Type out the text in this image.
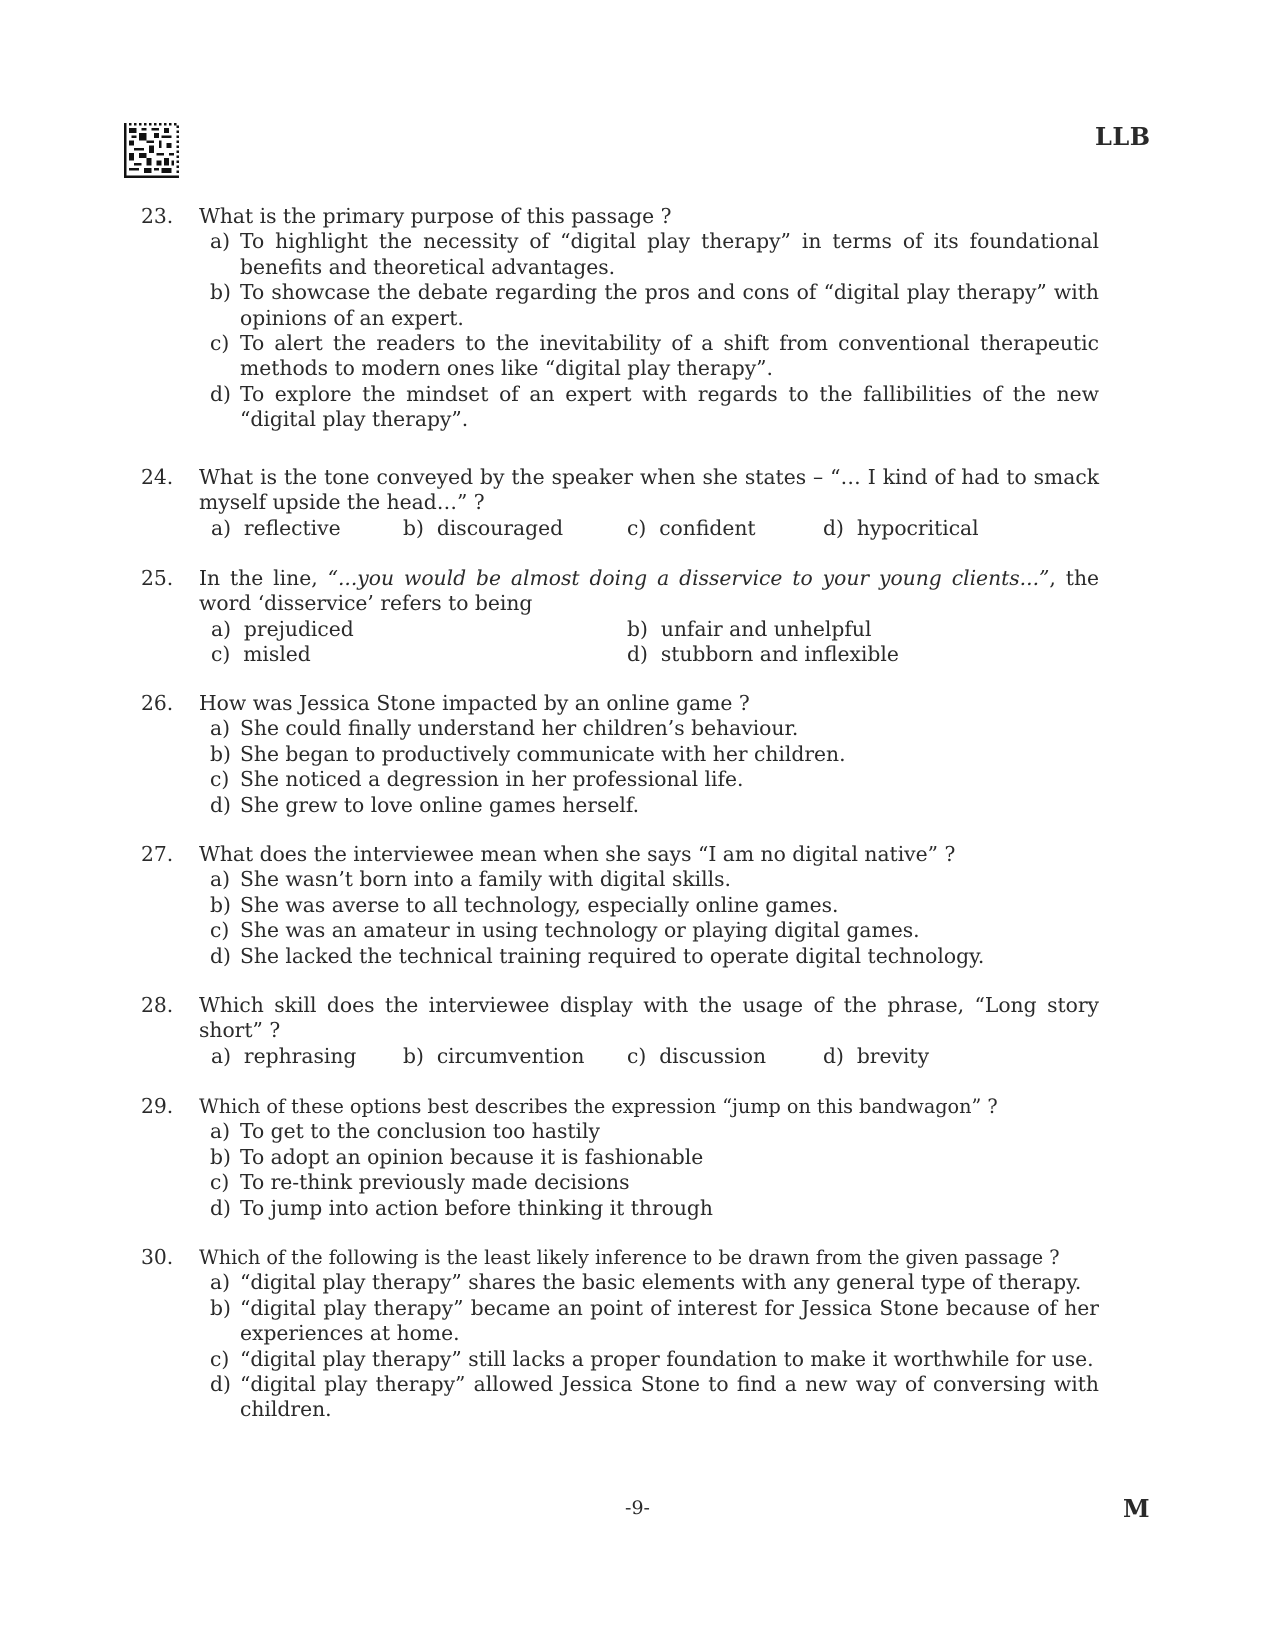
LLB
23. What is the primary purpose of this passage ?
a) To highlight the necessity of “digital play therapy” in terms of its foundational benefits and theoretical advantages.
b) To showcase the debate regarding the pros and cons of “digital play therapy” with opinions of an expert.
c) To alert the readers to the inevitability of a shift from conventional therapeutic methods to modern ones like “digital play therapy”.
d) To explore the mindset of an expert with regards to the fallibilities of the new “digital play therapy”.
24. What is the tone conveyed by the speaker when she states – “… I kind of had to smack myself upside the head…” ?
a) reflective	b) discouraged	c) confident	d) hypocritical
25. In the line, “...you would be almost doing a disservice to your young clients...”, the word ‘disservice’ refers to being
a) prejudiced	b) unfair and unhelpful
c) misled	d) stubborn and inflexible
26. How was Jessica Stone impacted by an online game ?
a) She could finally understand her children’s behaviour.
b) She began to productively communicate with her children.
c) She noticed a degression in her professional life.
d) She grew to love online games herself.
27. What does the interviewee mean when she says “I am no digital native” ?
a) She wasn’t born into a family with digital skills.
b) She was averse to all technology, especially online games.
c) She was an amateur in using technology or playing digital games.
d) She lacked the technical training required to operate digital technology.
28. Which skill does the interviewee display with the usage of the phrase, “Long story short” ?
a) rephrasing b) circumvention c) discussion	d) brevity
29. Which of these options best describes the expression “jump on this bandwagon” ?
a) To get to the conclusion too hastily
b) To adopt an opinion because it is fashionable
c) To re-think previously made decisions
d) To jump into action before thinking it through
30. Which of the following is the least likely inference to be drawn from the given passage ?
a) “digital play therapy” shares the basic elements with any general type of therapy.
b) “digital play therapy” became an point of interest for Jessica Stone because of her experiences at home.
c) “digital play therapy” still lacks a proper foundation to make it worthwhile for use.
d) “digital play therapy” allowed Jessica Stone to find a new way of conversing with children.
-9-	M
